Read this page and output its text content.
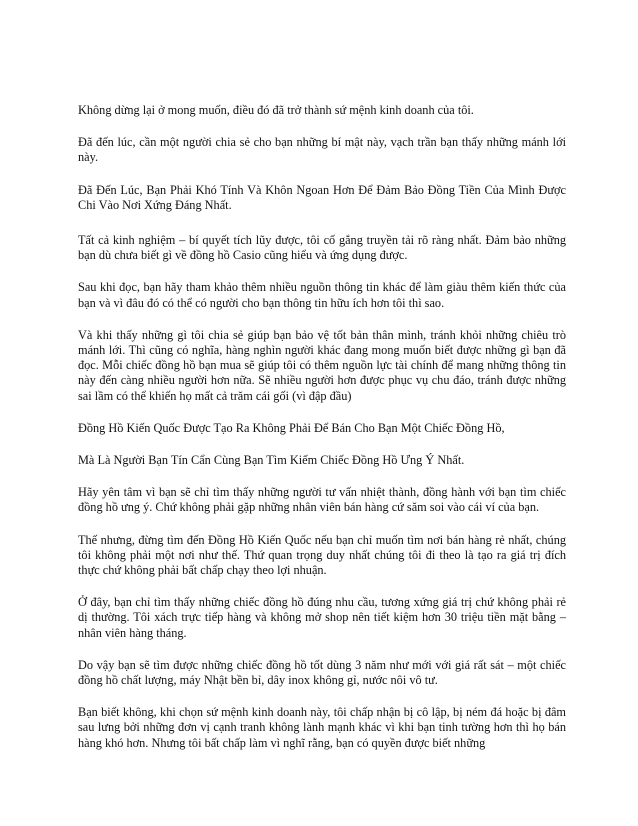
Không dừng lại ở mong muốn, điều đó đã trở thành sứ mệnh kinh doanh của tôi.

Đã đến lúc, cần một người chia sẻ cho bạn những bí mật này, vạch trần bạn thấy những mánh lới này.

Đã Đến Lúc, Bạn Phải Khó Tính Và Khôn Ngoan Hơn Để Đảm Bảo Đồng Tiền Của Mình Được Chi Vào Nơi Xứng Đáng Nhất.

Tất cả kinh nghiệm – bí quyết tích lũy được, tôi cố gắng truyền tải rõ ràng nhất. Đảm bảo những bạn dù chưa biết gì về đồng hồ Casio cũng hiểu và ứng dụng được.

Sau khi đọc, bạn hãy tham khảo thêm nhiều nguồn thông tin khác để làm giàu thêm kiến thức của bạn và vì đâu đó có thể có người cho bạn thông tin hữu ích hơn tôi thì sao.

Và khi thấy những gì tôi chia sẻ giúp bạn bảo vệ tốt bản thân mình, tránh khỏi những chiêu trò mánh lới. Thì cũng có nghĩa, hàng nghìn người khác đang mong muốn biết được những gì bạn đã đọc. Mỗi chiếc đồng hồ bạn mua sẽ giúp tôi có thêm nguồn lực tài chính để mang những thông tin này đến càng nhiều người hơn nữa. Sẽ nhiều người hơn được phục vụ chu đáo, tránh được những sai lầm có thể khiến họ mất cả trăm cái gối (vì đập đầu)

Đồng Hồ Kiến Quốc Được Tạo Ra Không Phải Để Bán Cho Bạn Một Chiếc Đồng Hồ,

Mà Là Người Bạn Tín Cẩn Cùng Bạn Tìm Kiếm Chiếc Đồng Hồ Ưng Ý Nhất.

Hãy yên tâm vì bạn sẽ chỉ tìm thấy những người tư vấn nhiệt thành, đồng hành với bạn tìm chiếc đồng hồ ưng ý. Chứ không phải gặp những nhân viên bán hàng cứ săm soi vào cái ví của bạn.

Thế nhưng, đừng tìm đến Đồng Hồ Kiến Quốc nếu bạn chỉ muốn tìm nơi bán hàng rẻ nhất, chúng tôi không phải một nơi như thế. Thứ quan trọng duy nhất chúng tôi đi theo là tạo ra giá trị đích thực chứ không phải bất chấp chạy theo lợi nhuận.

Ở đây, bạn chỉ tìm thấy những chiếc đồng hồ đúng nhu cầu, tương xứng giá trị chứ không phải rẻ dị thường. Tôi xách trực tiếp hàng và không mở shop nên tiết kiệm hơn 30 triệu tiền mặt bằng – nhân viên hàng tháng.

Do vậy bạn sẽ tìm được những chiếc đồng hồ tốt dùng 3 năm như mới với giá rất sát – một chiếc đồng hồ chất lượng, máy Nhật bền bỉ, dây inox không gỉ, nước nôi vô tư.

Bạn biết không, khi chọn sứ mệnh kinh doanh này, tôi chấp nhận bị cô lập, bị ném đá hoặc bị đâm sau lưng bởi những đơn vị cạnh tranh không lành mạnh khác vì khi bạn tinh tường hơn thì họ bán hàng khó hơn. Nhưng tôi bất chấp làm vì nghĩ rằng, bạn có quyền được biết những
